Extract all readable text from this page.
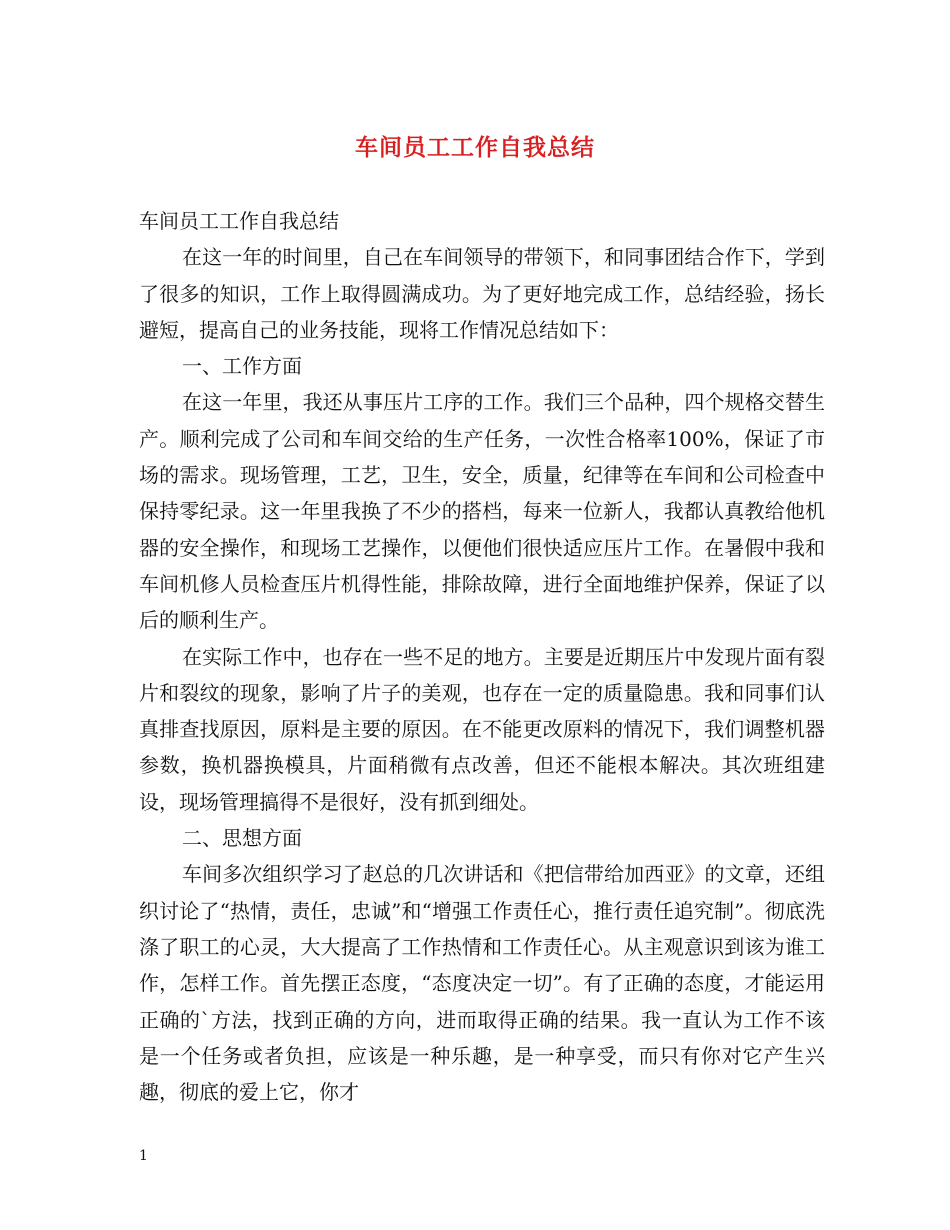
车间员工工作自我总结

车间员工工作自我总结

在这一年的时间里，自己在车间领导的带领下，和同事团结合作下，学到了很多的知识，工作上取得圆满成功。为了更好地完成工作，总结经验，扬长避短，提高自己的业务技能，现将工作情况总结如下：

一、工作方面

在这一年里，我还从事压片工序的工作。我们三个品种，四个规格交替生产。顺利完成了公司和车间交给的生产任务，一次性合格率100%，保证了市场的需求。现场管理，工艺，卫生，安全，质量，纪律等在车间和公司检查中保持零纪录。这一年里我换了不少的搭档，每来一位新人，我都认真教给他机器的安全操作，和现场工艺操作，以便他们很快适应压片工作。在暑假中我和车间机修人员检查压片机得性能，排除故障，进行全面地维护保养，保证了以后的顺利生产。

在实际工作中，也存在一些不足的地方。主要是近期压片中发现片面有裂片和裂纹的现象，影响了片子的美观，也存在一定的质量隐患。我和同事们认真排查找原因，原料是主要的原因。在不能更改原料的情况下，我们调整机器参数，换机器换模具，片面稍微有点改善，但还不能根本解决。其次班组建设，现场管理搞得不是很好，没有抓到细处。

二、思想方面

车间多次组织学习了赵总的几次讲话和《把信带给加西亚》的文章，还组织讨论了“热情，责任，忠诚”和“增强工作责任心，推行责任追究制”。彻底洗涤了职工的心灵，大大提高了工作热情和工作责任心。从主观意识到该为谁工作，怎样工作。首先摆正态度，“态度决定一切”。有了正确的态度，才能运用正确的`方法，找到正确的方向，进而取得正确的结果。我一直认为工作不该是一个任务或者负担，应该是一种乐趣，是一种享受，而只有你对它产生兴趣，彻底的爱上它，你才

1
